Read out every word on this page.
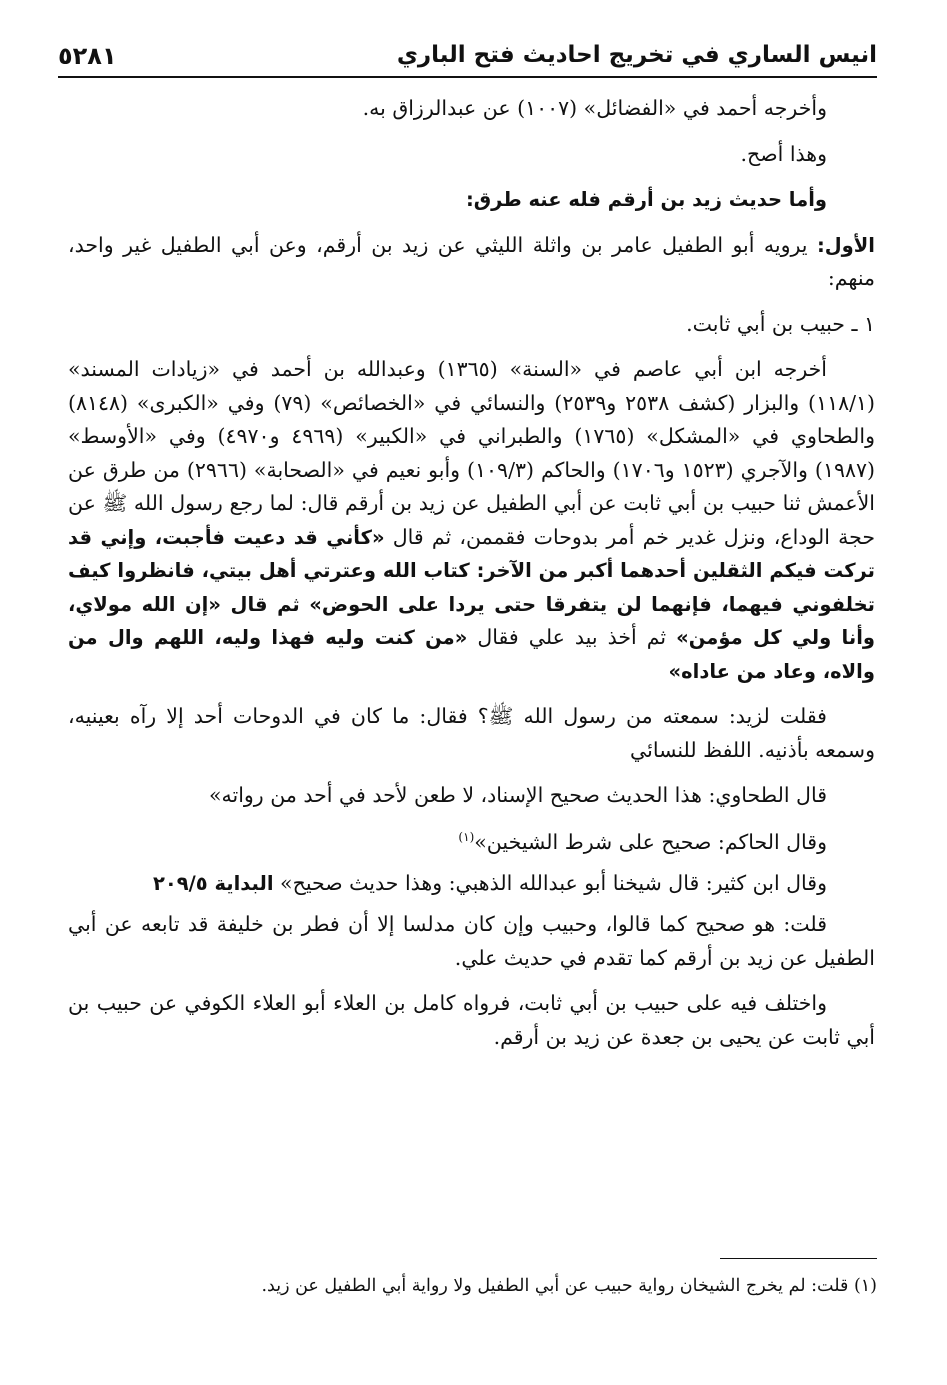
انيس الساري في تخريج احاديث فتح الباري
٥٢٨١

وأخرجه أحمد في «الفضائل» (١٠٠٧) عن عبدالرزاق به.

وهذا أصح.

وأما حديث زيد بن أرقم فله عنه طرق:

الأول: يرويه أبو الطفيل عامر بن واثلة الليثي عن زيد بن أرقم، وعن أبي الطفيل غير واحد، منهم:

١ ـ حبيب بن أبي ثابت.

أخرجه ابن أبي عاصم في «السنة» (١٣٦٥) وعبدالله بن أحمد في «زيادات المسند» (١١٨/١) والبزار (كشف ٢٥٣٨ و٢٥٣٩) والنسائي في «الخصائص» (٧٩) وفي «الكبرى» (٨١٤٨) والطحاوي في «المشكل» (١٧٦٥) والطبراني في «الكبير» (٤٩٦٩ و٤٩٧٠) وفي «الأوسط» (١٩٨٧) والآجري (١٥٢٣ و١٧٠٦) والحاكم (١٠٩/٣) وأبو نعيم في «الصحابة» (٢٩٦٦) من طرق عن الأعمش ثنا حبيب بن أبي ثابت عن أبي الطفيل عن زيد بن أرقم قال: لما رجع رسول الله ﷺ عن حجة الوداع، ونزل غدير خم أمر بدوحات فقممن، ثم قال «كأني قد دعيت فأجبت، وإني قد تركت فيكم الثقلين أحدهما أكبر من الآخر: كتاب الله وعترتي أهل بيتي، فانظروا كيف تخلفوني فيهما، فإنهما لن يتفرقا حتى يردا على الحوض» ثم قال «إن الله مولاي، وأنا ولي كل مؤمن» ثم أخذ بيد علي فقال «من كنت وليه فهذا وليه، اللهم وال من والاه، وعاد من عاداه»

فقلت لزيد: سمعته من رسول الله ﷺ؟ فقال: ما كان في الدوحات أحد إلا رآه بعينيه، وسمعه بأذنيه. اللفظ للنسائي

قال الطحاوي: هذا الحديث صحيح الإسناد، لا طعن لأحد في أحد من رواته»

وقال الحاكم: صحيح على شرط الشيخين»$^{(١)}$

وقال ابن كثير: قال شيخنا أبو عبدالله الذهبي: وهذا حديث صحيح» البداية ٢٠٩/٥

قلت: هو صحيح كما قالوا، وحبيب وإن كان مدلسا إلا أن فطر بن خليفة قد تابعه عن أبي الطفيل عن زيد بن أرقم كما تقدم في حديث علي.

واختلف فيه على حبيب بن أبي ثابت، فرواه كامل بن العلاء أبو العلاء الكوفي عن حبيب بن أبي ثابت عن يحيى بن جعدة عن زيد بن أرقم.

(١) قلت: لم يخرج الشيخان رواية حبيب عن أبي الطفيل ولا رواية أبي الطفيل عن زيد.
